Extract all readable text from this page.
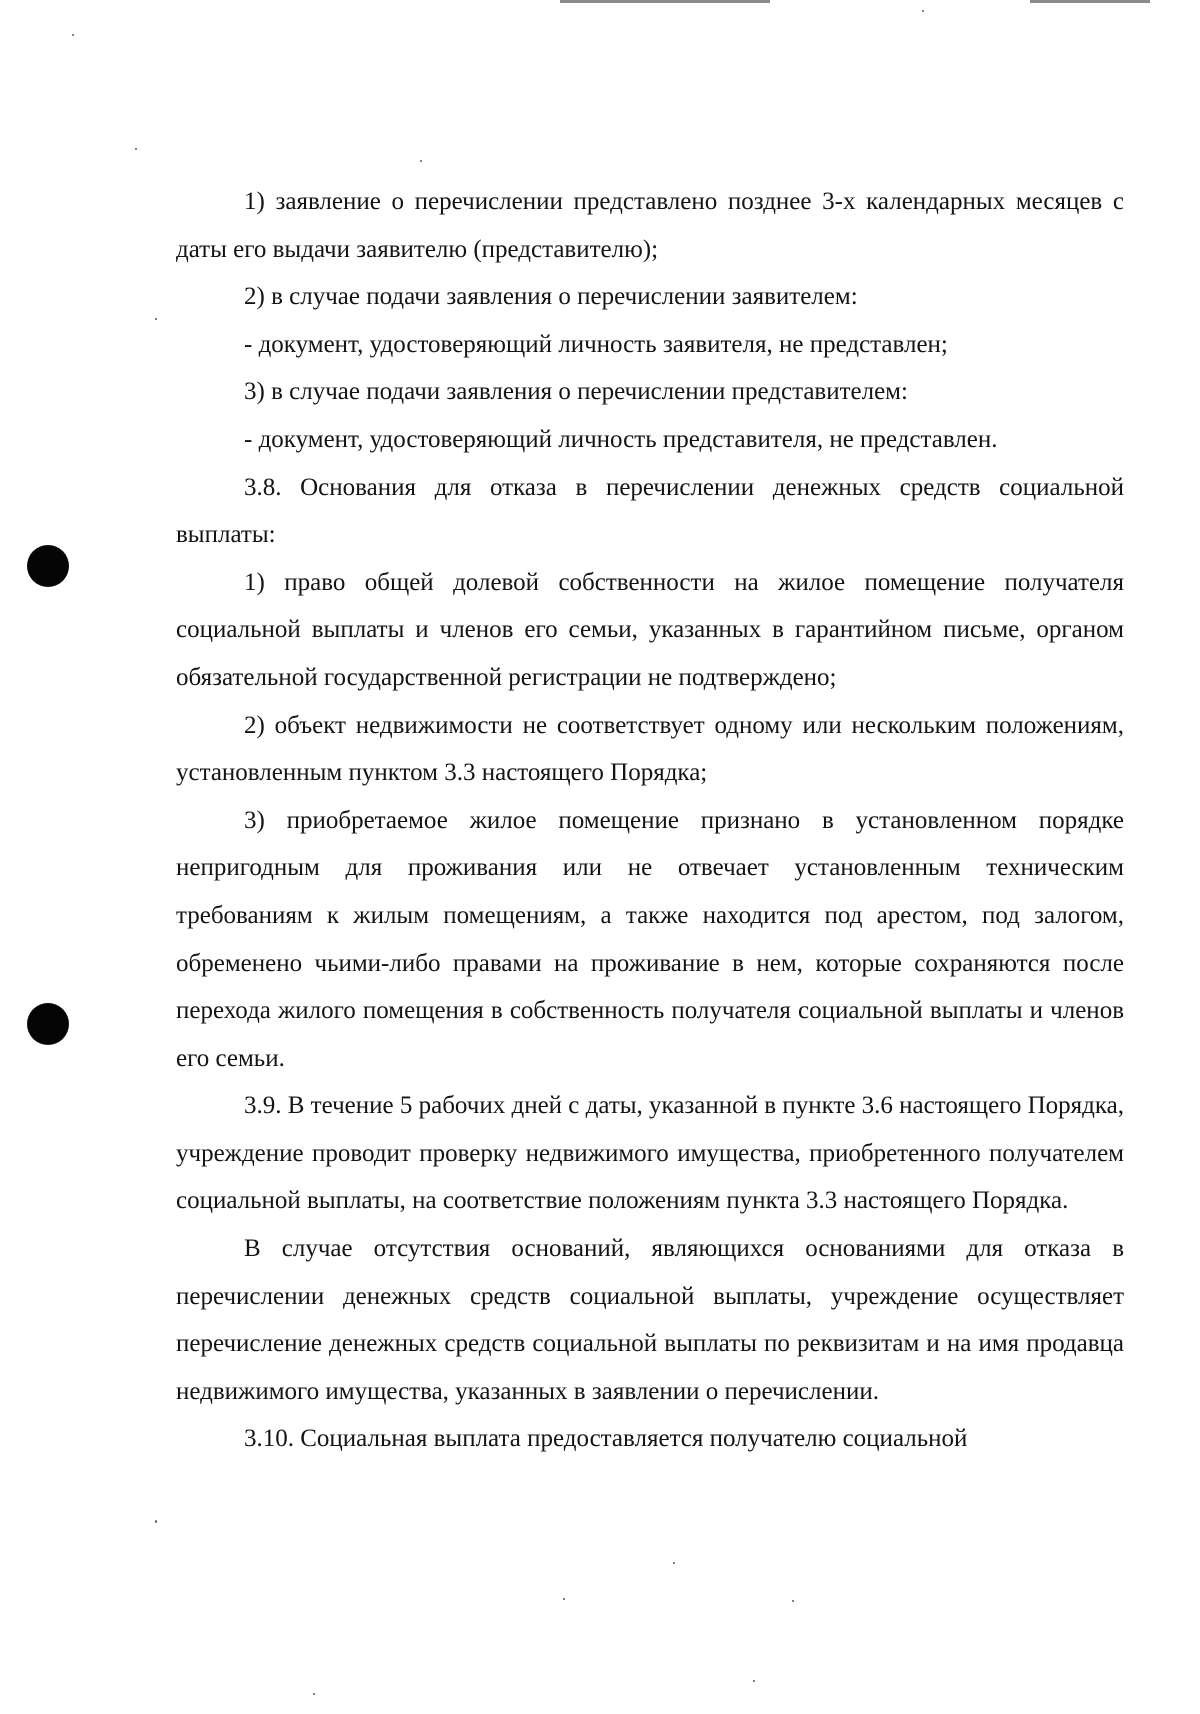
1) заявление о перечислении представлено позднее 3-х календарных месяцев с даты его выдачи заявителю (представителю);

2) в случае подачи заявления о перечислении заявителем:

- документ, удостоверяющий личность заявителя, не представлен;

3) в случае подачи заявления о перечислении представителем:

- документ, удостоверяющий личность представителя, не представлен.

3.8. Основания для отказа в перечислении денежных средств социальной выплаты:

1) право общей долевой собственности на жилое помещение получателя социальной выплаты и членов его семьи, указанных в гарантийном письме, органом обязательной государственной регистрации не подтверждено;

2) объект недвижимости не соответствует одному или нескольким положениям, установленным пунктом 3.3 настоящего Порядка;

3) приобретаемое жилое помещение признано в установленном порядке непригодным для проживания или не отвечает установленным техническим требованиям к жилым помещениям, а также находится под арестом, под залогом, обременено чьими-либо правами на проживание в нем, которые сохраняются после перехода жилого помещения в собственность получателя социальной выплаты и членов его семьи.

3.9. В течение 5 рабочих дней с даты, указанной в пункте 3.6 настоящего Порядка, учреждение проводит проверку недвижимого имущества, приобретенного получателем социальной выплаты, на соответствие положениям пункта 3.3 настоящего Порядка.

В случае отсутствия оснований, являющихся основаниями для отказа в перечислении денежных средств социальной выплаты, учреждение осуществляет перечисление денежных средств социальной выплаты по реквизитам и на имя продавца недвижимого имущества, указанных в заявлении о перечислении.

3.10. Социальная выплата предоставляется получателю социальной
